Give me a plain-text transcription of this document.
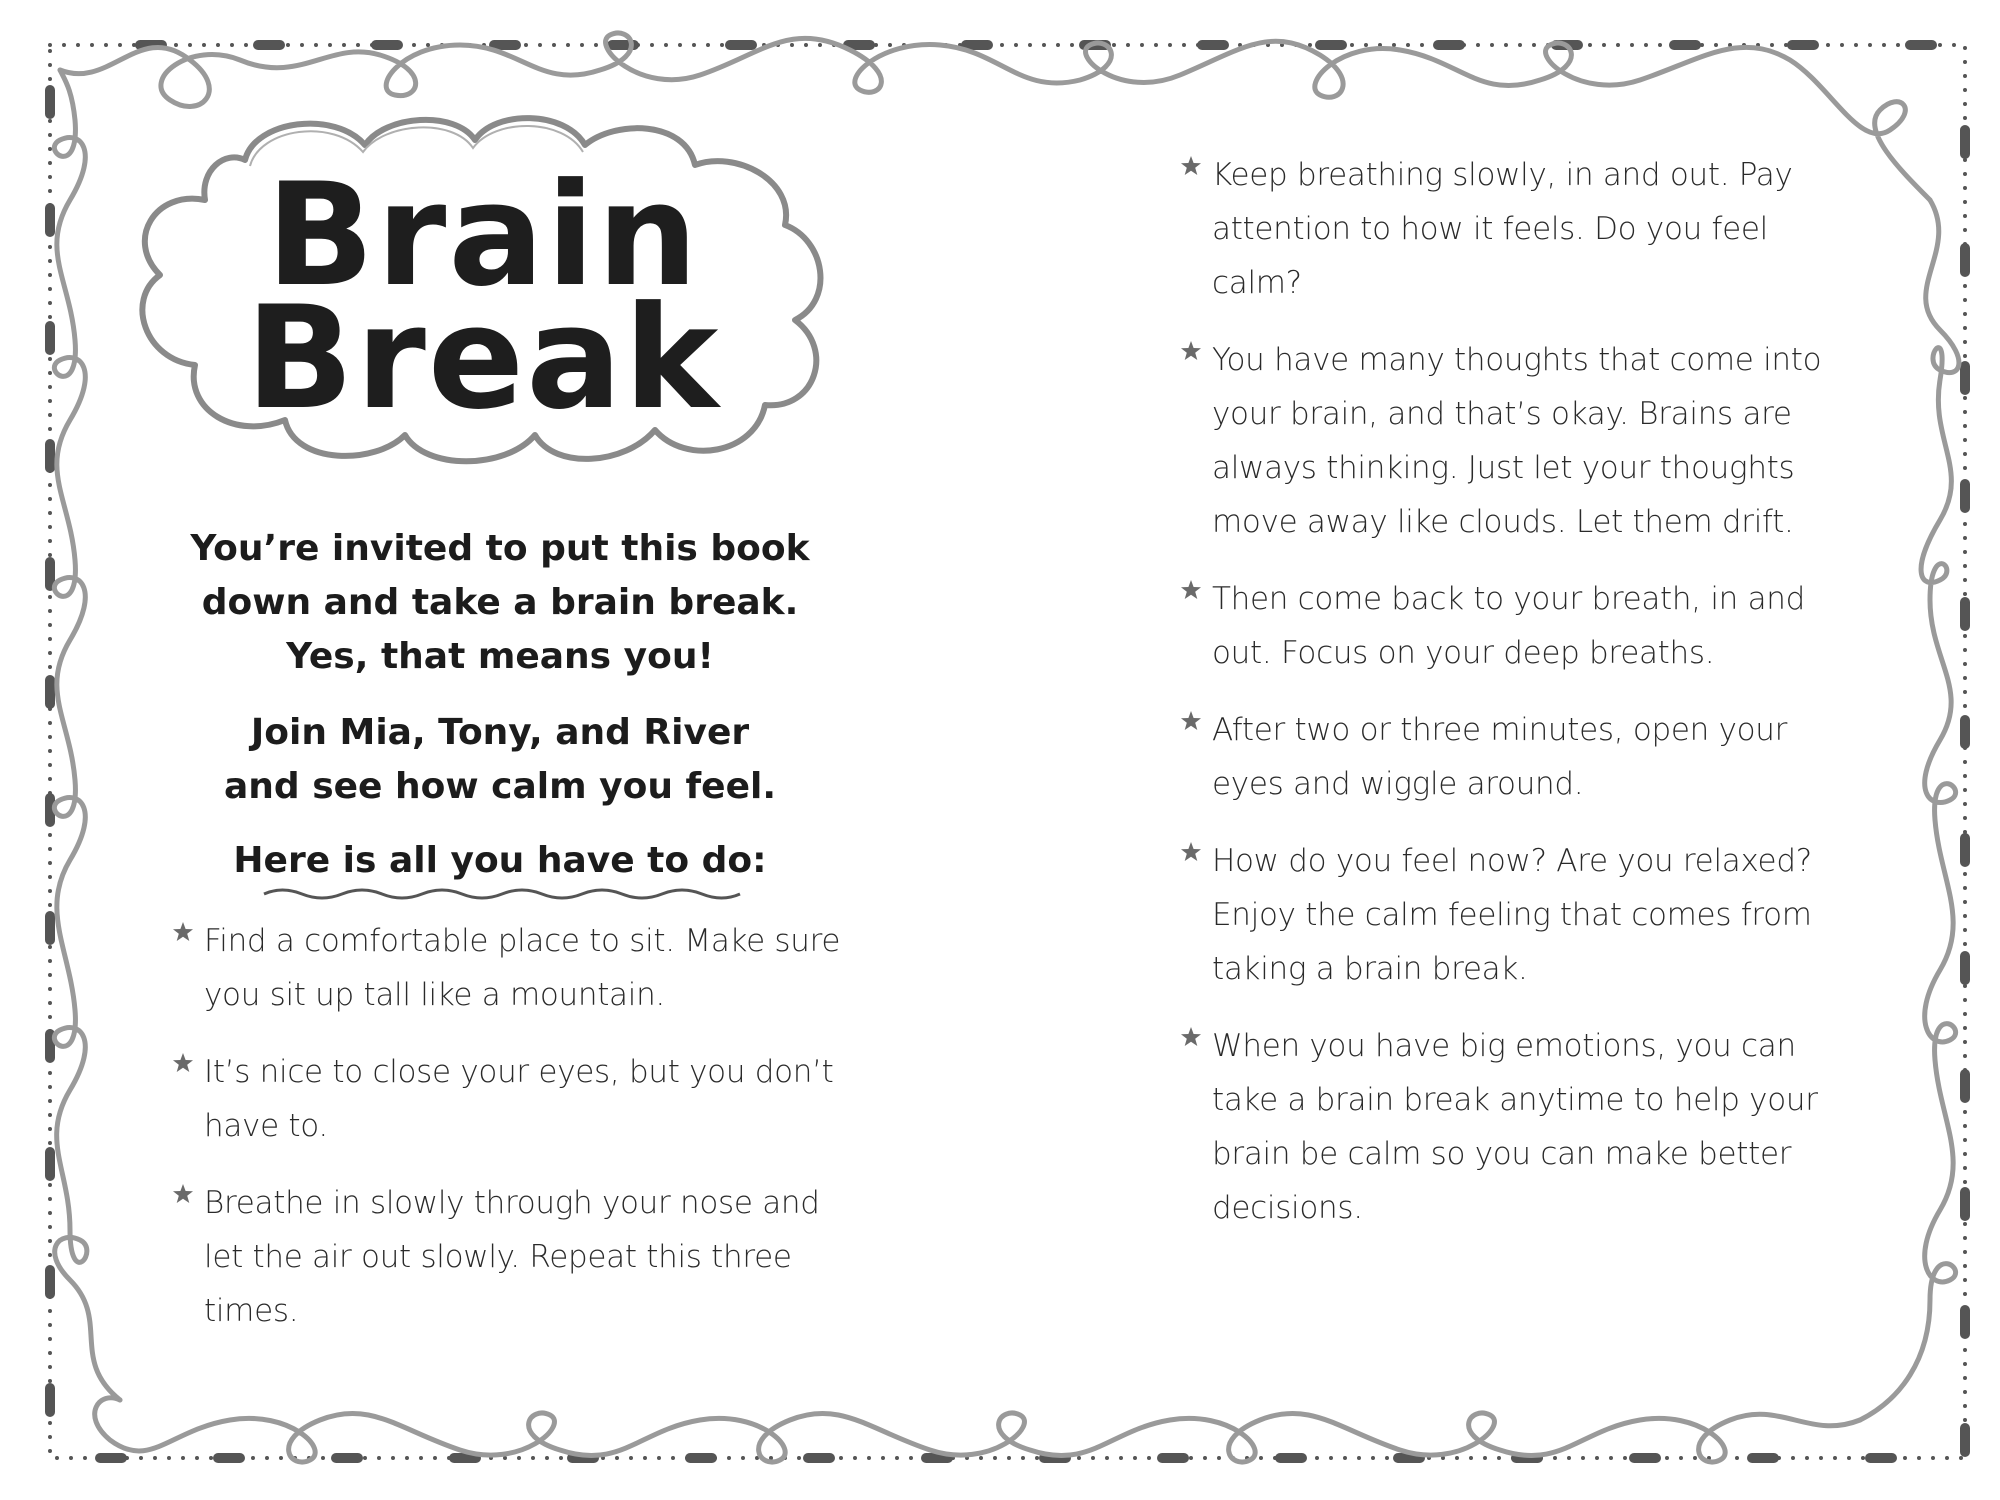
Brain
Break
You’re invited to put this book
down and take a brain break.
Yes, that means you!
Join Mia, Tony, and River
and see how calm you feel.
Here is all you have to do:
Find a comfortable place to sit. Make sure
you sit up tall like a mountain.
It’s nice to close your eyes, but you don’t
have to.
Breathe in slowly through your nose and
let the air out slowly. Repeat this three
times.
Keep breathing slowly, in and out. Pay
attention to how it feels. Do you feel
calm?
You have many thoughts that come into
your brain, and that’s okay. Brains are
always thinking. Just let your thoughts
move away like clouds. Let them drift.
Then come back to your breath, in and
out. Focus on your deep breaths.
After two or three minutes, open your
eyes and wiggle around.
How do you feel now? Are you relaxed?
Enjoy the calm feeling that comes from
taking a brain break.
When you have big emotions, you can
take a brain break anytime to help your
brain be calm so you can make better
decisions.
